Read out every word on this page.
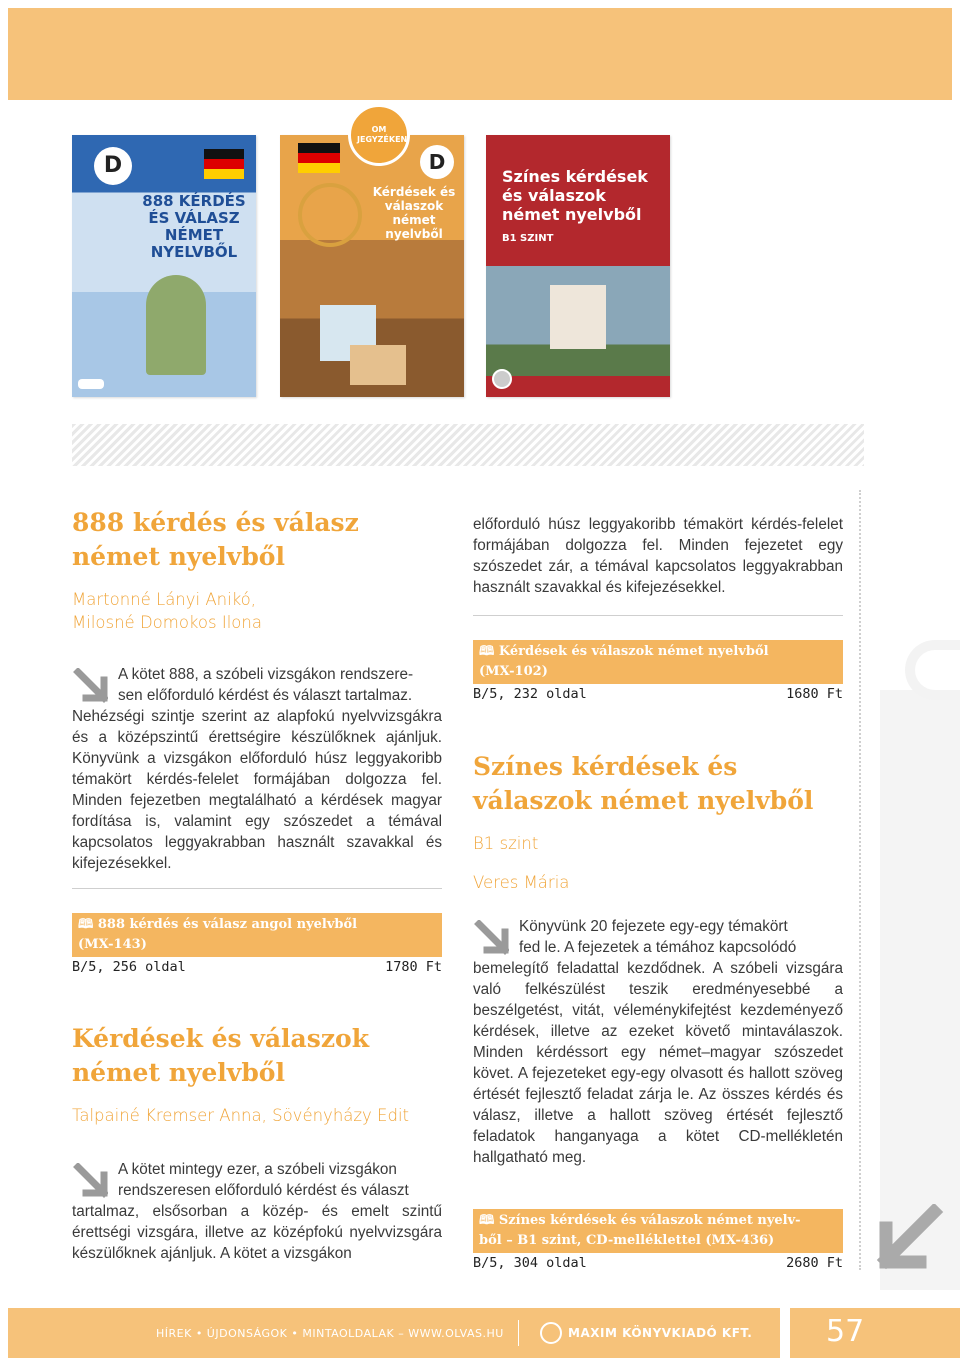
D
888 KÉRDÉS ÉS VÁLASZ NÉMET NYELVBŐL
D
Kérdések és válaszok német nyelvből
OM JEGYZÉKEN
Színes kérdések és válaszok német nyelvből
B1 SZINT
888 kérdés és válasz
német nyelvből
Martonné Lányi Anikó,
Milosné Domokos Ilona
A kötet 888, a szóbeli vizsgákon rendszere-
sen előforduló kérdést és választ tartalmaz.
Nehézségi szintje szerint az alapfokú nyelvvizsgákra és a középszintű érettségire készülőknek ajánljuk. Könyvünk a vizsgákon előforduló húsz leggyakoribb témakört kérdés-felelet formájában dolgozza fel. Minden fejezetben megtalálható a kérdések magyar fordítása is, valamint egy szószedet a témával kapcsolatos leggyakrabban használt szavakkal és kifejezésekkel.
🕮 888 kérdés és válasz angol nyelvből
(MX-143)
B/5, 256 oldal	1780 Ft
Kérdések és válaszok
német nyelvből
Talpainé Kremser Anna, Sövényházy Edit
A kötet mintegy ezer, a szóbeli vizsgákon
rendszeresen előforduló kérdést és választ
tartalmaz, elsősorban a közép- és emelt szintű érettségi vizsgára, illetve az középfokú nyelvvizsgára készülőknek ajánljuk. A kötet a vizsgákon
előforduló húsz leggyakoribb témakört kérdés-felelet formájában dolgozza fel. Minden fejezetet egy szószedet zár, a témával kapcsolatos leggyakrabban használt szavakkal és kifejezésekkel.
🕮 Kérdések és válaszok német nyelvből
(MX-102)
B/5, 232 oldal	1680 Ft
Színes kérdések és
válaszok német nyelvből
B1 szint
Veres Mária
Könyvünk 20 fejezete egy-egy témakört
fed le. A fejezetek a témához kapcsolódó
bemelegítő feladattal kezdődnek. A szóbeli vizsgára való felkészülést teszik eredményesebbé a beszélgetést, vitát, véleménykifejtést kezdeményező kérdések, illetve az ezeket követő mintaválaszok. Minden kérdéssort egy német–magyar szószedet követ. A fejezeteket egy-egy olvasott és hallott szöveg értését fejlesztő feladat zárja le. Az összes kérdés és válasz, illetve a hallott szöveg értését fejlesztő feladatok hanganyaga a kötet CD-mellékletén hallgatható meg.
🕮 Színes kérdések és válaszok német nyelv-
ből – B1 szint, CD-melléklettel (MX-436)
B/5, 304 oldal	2680 Ft
HÍREK • ÚJDONSÁGOK • MINTAOLDALAK – WWW.OLVAS.HU	MAXIM KÖNYVKIADÓ KFT. 57
